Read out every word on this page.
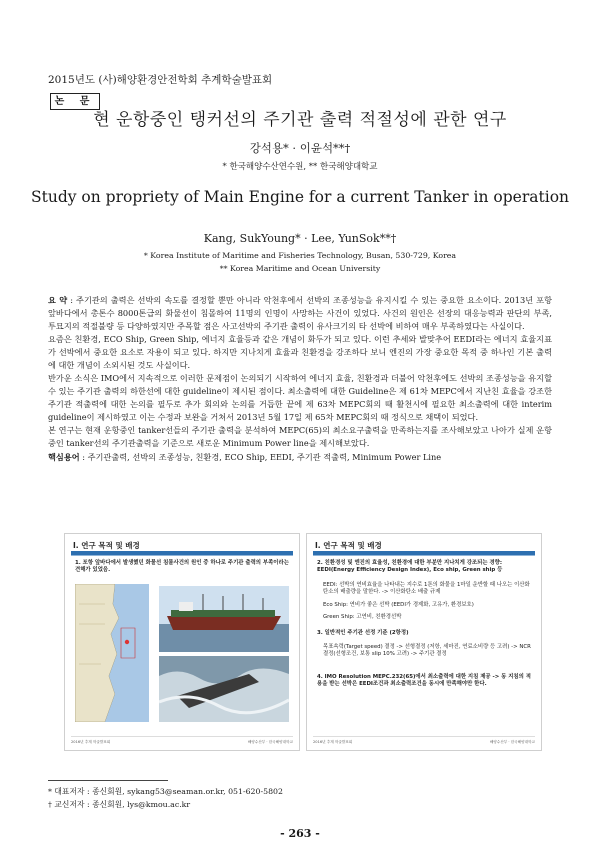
2015년도 (사)해양환경안전학회 추계학술발표회
논 문
현 운항중인 탱커선의 주기관 출력 적절성에 관한 연구
강석용* · 이윤석**†
* 한국해양수산연수원, ** 한국해양대학교
Study on propriety of Main Engine for a current Tanker in operation
Kang, SukYoung* · Lee, YunSok**†
* Korea Institute of Maritime and Fisheries Technology, Busan, 530-729, Korea
** Korea Maritime and Ocean University

요 약 : 주기관의 출력은 선박의 속도를 결정할 뿐만 아니라 악천후에서 선박의 조종성능을 유지시킬 수 있는 중요한 요소이다. 2013년 포항 앞바다에서 총톤수 8000톤급의 화물선이 침몰하여 11명의 인명이 사망하는 사건이 있었다. 사건의 원인은 선장의 대응능력과 판단의 부족, 투묘지의 적절불량 등 다양하였지만 주목할 점은 사고선박의 주기관 출력이 유사크기의 타 선박에 비하여 매우 부족하였다는 사실이다.

요즘은 친환경, ECO Ship, Green Ship, 에너지 효율등과 같은 개념이 화두가 되고 있다. 이런 추세와 발맞추어 EEDI라는 에너지 효율지표가 선박에서 중요한 요소로 자용이 되고 있다. 하지만 지나치게 효율과 친환경을 강조하다 보니 엔진의 가장 중요한 목적 중 하나인 기본 출력에 대한 개념이 소외시된 것도 사실이다.

반가운 소식은 IMO에서 지속적으로 이러한 문제점이 논의되기 시작하여 에너지 효율, 친환경과 더불어 악천후에도 선박의 조종성능을 유지할 수 있는 주기관 출력의 하한선에 대한 guideline이 제시된 점이다. 최소출력에 대한 Guideline은 제 61차 MEPC에서 지난친 효율을 강조한 주기관 적출력에 대한 논의를 필두로 추가 회의와 논의를 거듭한 끝에 제 63차 MEPC회의 때 활천시에 필요한 최소출력에 대한 interim guideline이 제시하였고 이는 수정과 보완을 거쳐서 2013년 5월 17일 제 65차 MEPC회의 때 정식으로 채택이 되었다.

본 연구는 현재 운항중인 tanker선들의 주기관 출력을 분석하여 MEPC(65)의 최소요구출력을 만족하는지를 조사해보았고 나아가 실제 운항중인 tanker선의 주기관출력을 기준으로 새로운 Minimum Power line을 제시해보았다.

핵심용어 : 주기관출력, 선박의 조종성능, 친환경, ECO Ship, EEDI, 주기관 적출력, Minimum Power Line
I. 연구 목적 및 배경
1. 포항 앞바다에서 발생했던 화물선 침몰사건의 원인 중 하나로 주기관 출력의 부족이라는 견해가 있었음.
2016년 추계 학술발표회	해양수산부 · 한국해양대학교
I. 연구 목적 및 배경
2. 친환경성 및 엔진의 효율성, 친환경에 대한 부분만 지나치게 강조되는 경향: EEDI(Energy Efficiency Design Index), Eco ship, Green ship 등
EEDI: 선박의 연비효율을 나타내는 지수로 1톤의 화물을 1마일 운반할 때 나오는 이산화탄소의 배출량을 말한다. -> 이산화탄소 배출 규제
Eco Ship: 연비가 좋은 선박 (EEDI가 경제화, 고유가, 환경보호)
Green Ship: 고연비, 친환경선박
3. 일반적인 주기관 선정 기준 (2항정)
목표속력(Target speed) 결정 -> 선형결정 (저항, 세마진, 연료소비량 등 고려) -> NCR 결정(선형조건, 보통 slip 10% 고려) -> 주기관 결정
4. IMO Resolution MEPC.232(65)에서 최소출력에 대한 지침 제공 -> 동 지침의 적용을 받는 선박은 EEDI조건과 최소출력조건을 동시에 만족해야만 한다.
2016년 추계 학술발표회	해양수산부 · 한국해양대학교
* 대표저자 : 종신회원, sykang53@seaman.or.kr, 051-620-5802
† 교신저자 : 종신회원, lys@kmou.ac.kr
- 263 -
